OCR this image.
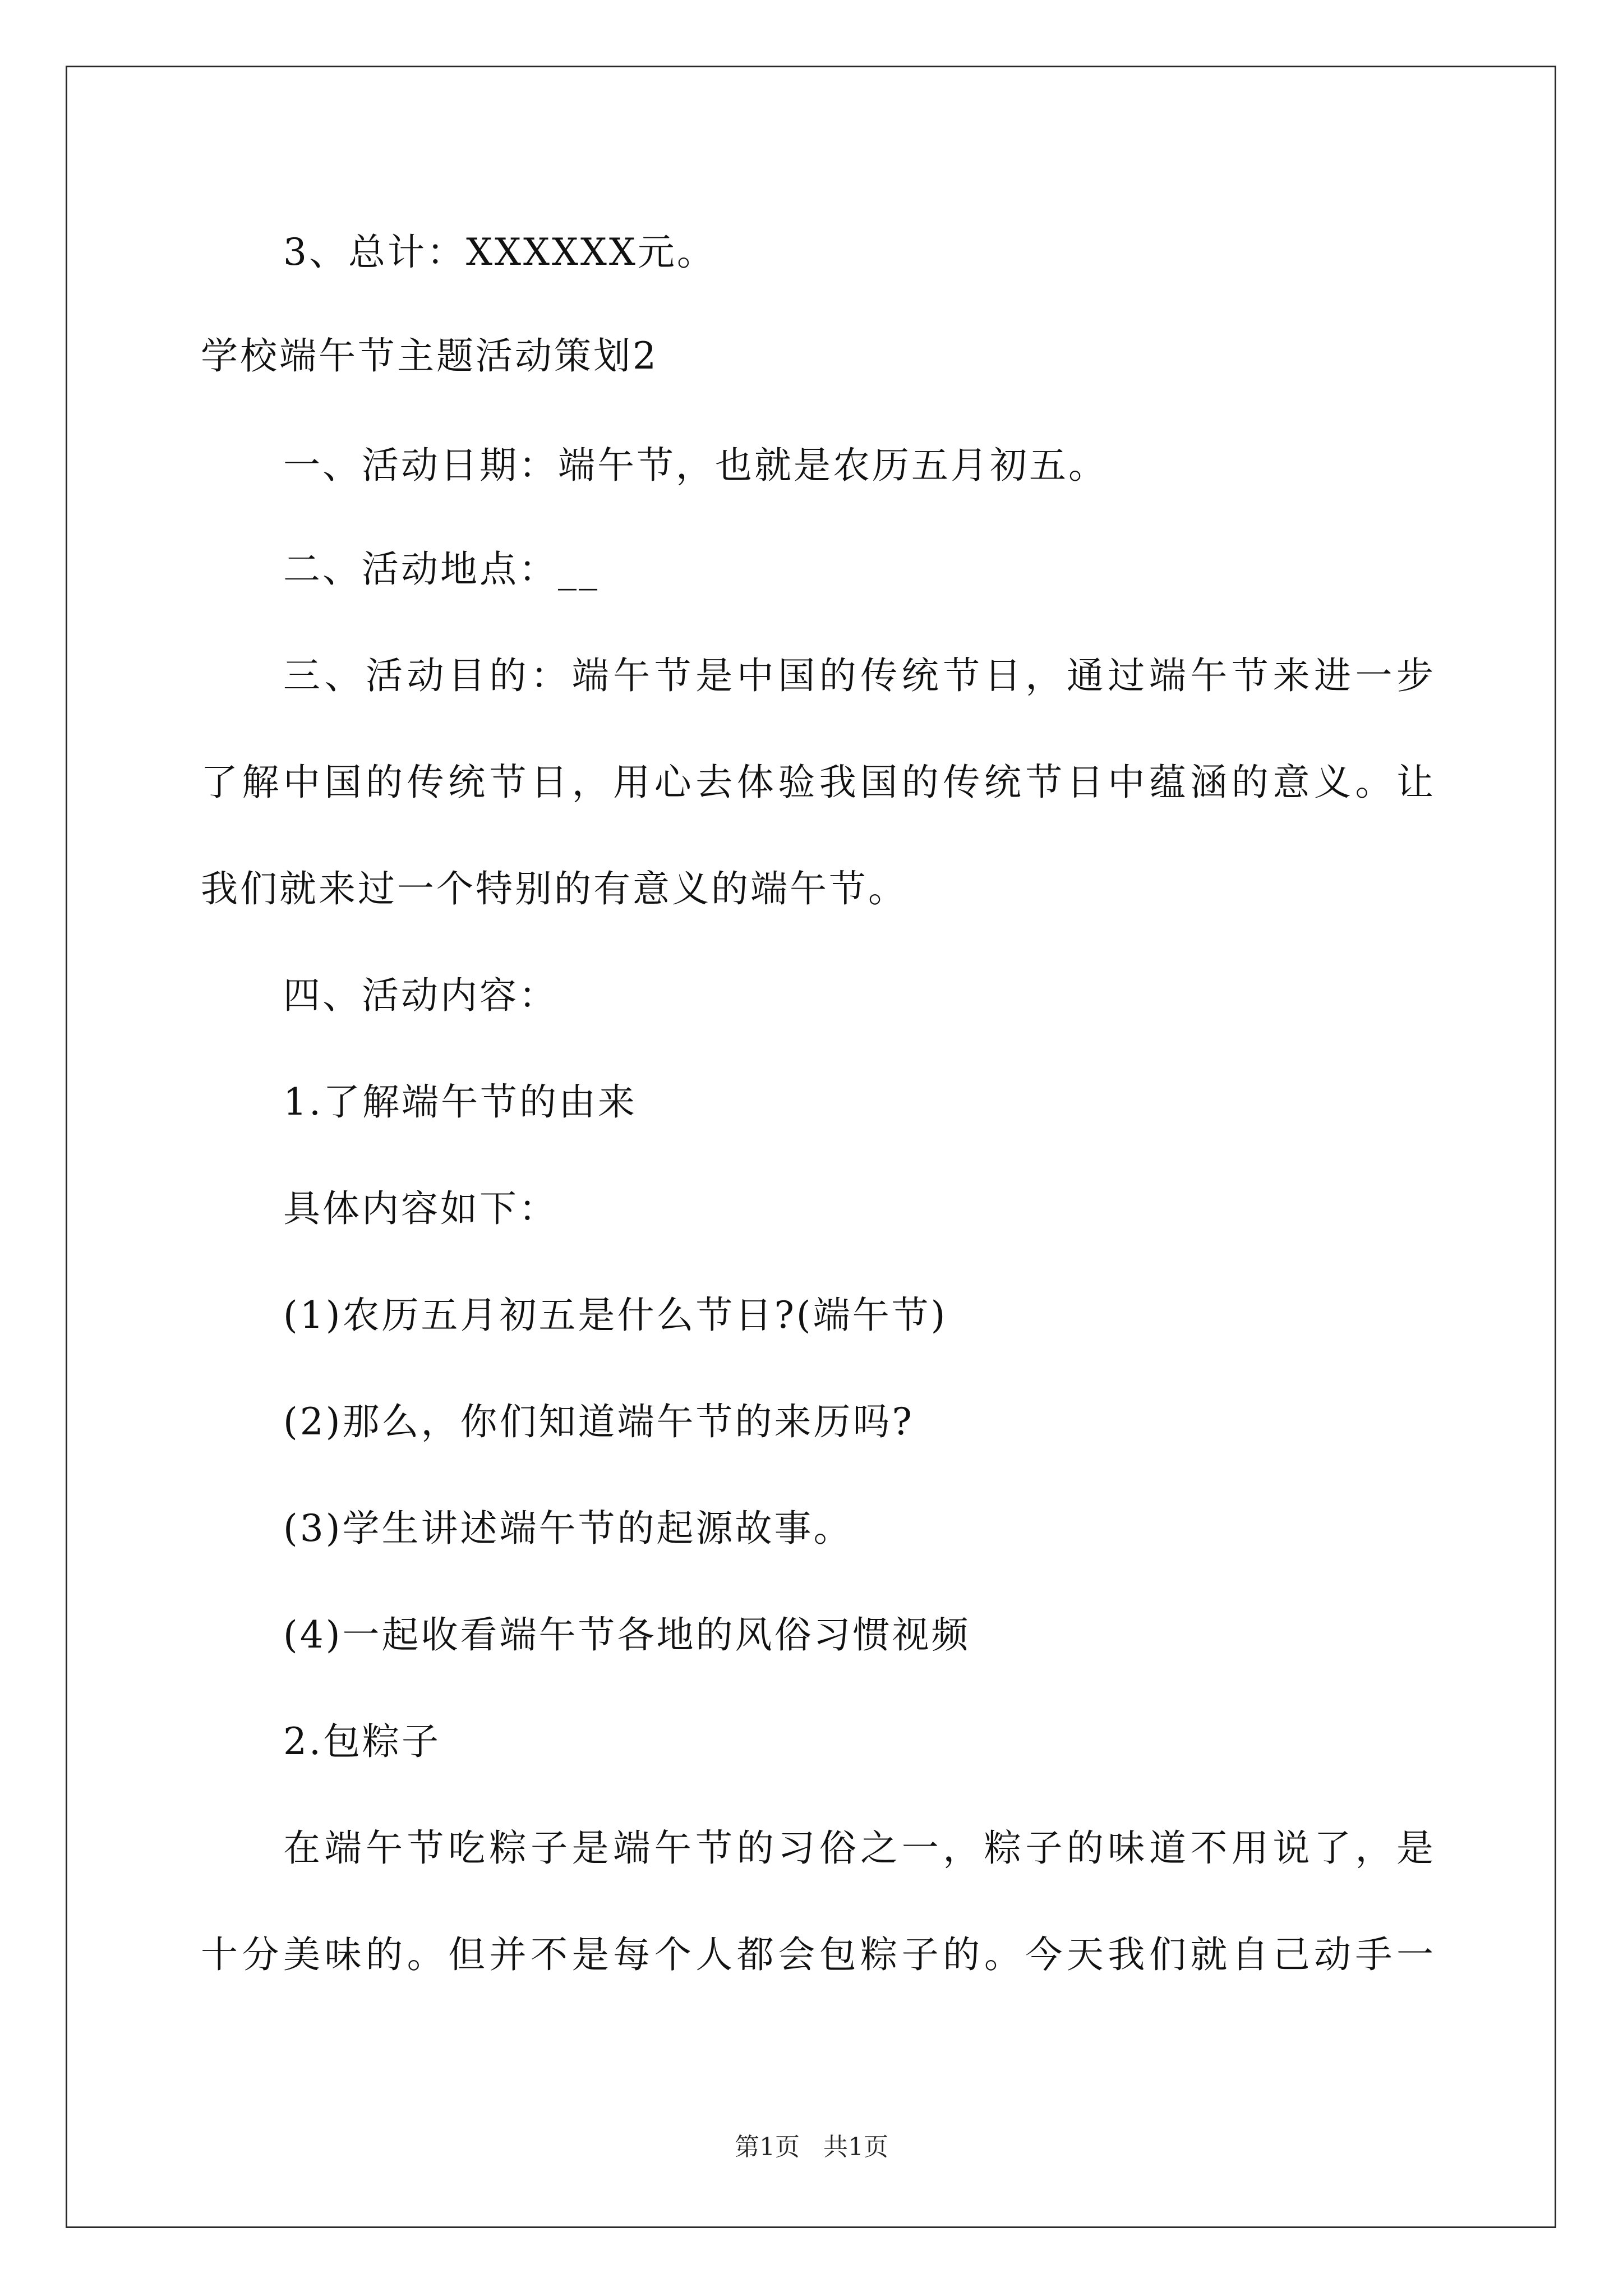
3、总计：XXXXXX元。
学校端午节主题活动策划2
一、活动日期：端午节，也就是农历五月初五。
二、活动地点：__
三、活动目的：端午节是中国的传统节日，通过端午节来进一步
了解中国的传统节日，用心去体验我国的传统节日中蕴涵的意义。让
我们就来过一个特别的有意义的端午节。
四、活动内容：
1.了解端午节的由来
具体内容如下：
(1)农历五月初五是什么节日?(端午节)
(2)那么，你们知道端午节的来历吗?
(3)学生讲述端午节的起源故事。
(4)一起收看端午节各地的风俗习惯视频
2.包粽子
在端午节吃粽子是端午节的习俗之一，粽子的味道不用说了，是
十分美味的。但并不是每个人都会包粽子的。今天我们就自己动手一
第1页   共1页
